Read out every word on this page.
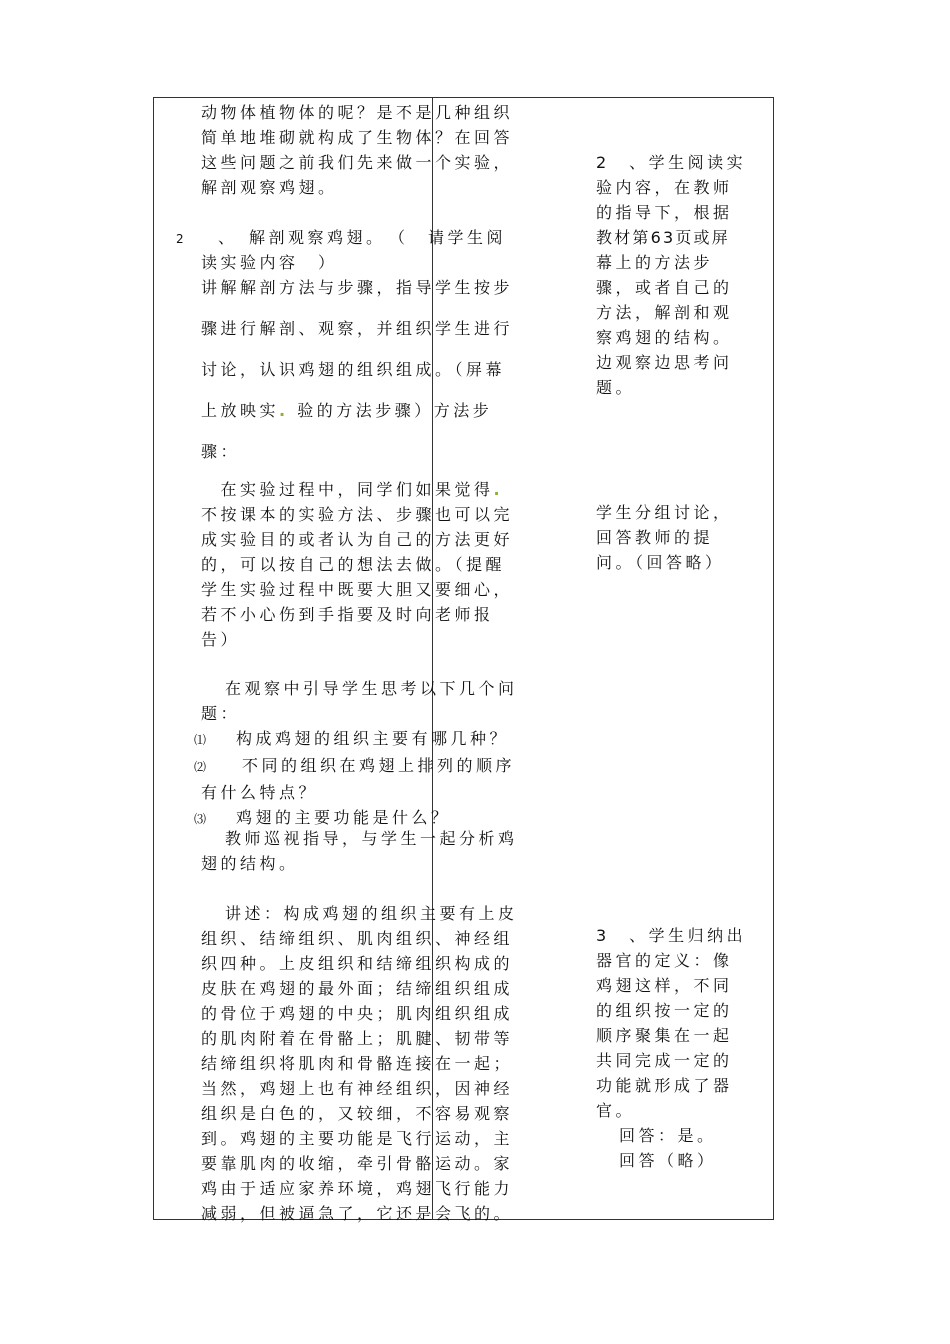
动物体植物体的呢？是不是几种组织
简单地堆砌就构成了生物体？在回答
这些问题之前我们先来做一个实验，
解剖观察鸡翅。
2 、　解剖观察鸡翅。　（　请学生阅
读实验内容　）
讲解解剖方法与步骤，指导学生按步
骤进行解剖、观察，并组织学生进行
讨论，认识鸡翅的组织组成。（屏幕
上放映实. 验的方法步骤）方法步
骤：
　在实验过程中，同学们如果觉得.
不按课本的实验方法、步骤也可以完
成实验目的或者认为自己的方法更好
的，可以按自己的想法去做。（提醒
学生实验过程中既要大胆又要细心，
若不小心伤到手指要及时向老师报
告）
在观察中引导学生思考以下几个问
题：
⑴ 构成鸡翅的组织主要有哪几种？
⑵ 不同的组织在鸡翅上排列的顺序
有什么特点？
⑶ 鸡翅的主要功能是什么？
教师巡视指导，与学生一起分析鸡
翅的结构。
讲述：构成鸡翅的组织主要有上皮
组织、结缔组织、肌肉组织、神经组
织四种。上皮组织和结缔组织构成的
皮肤在鸡翅的最外面；结缔组织组成
的骨位于鸡翅的中央；肌肉组织组成
的肌肉附着在骨骼上；肌腱、韧带等
结缔组织将肌肉和骨骼连接在一起；
当然，鸡翅上也有神经组织，因神经
组织是白色的，又较细，不容易观察
到。鸡翅的主要功能是飞行运动，主
要靠肌肉的收缩，牵引骨骼运动。家
鸡由于适应家养环境，鸡翅飞行能力
减弱，但被逼急了，它还是会飞的。
2　、学生阅读实
验内容，在教师
的指导下，根据
教材第63页或屏
幕上的方法步
骤，或者自己的
方法，解剖和观
察鸡翅的结构。
边观察边思考问
题。
学生分组讨论，
回答教师的提
问。（回答略）
3　、学生归纳出
器官的定义：像
鸡翅这样，不同
的组织按一定的
顺序聚集在一起
共同完成一定的
功能就形成了器
官。
回答：是。
回答（略）
